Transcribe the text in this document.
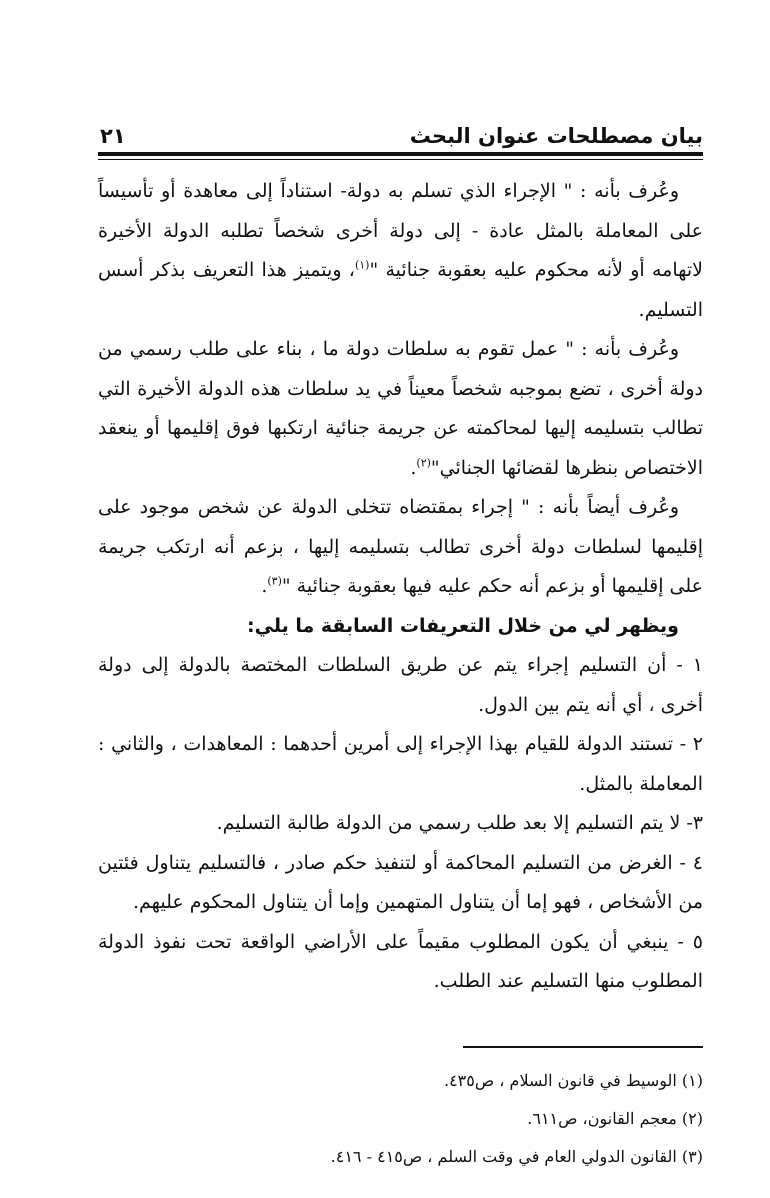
بيان مصطلحات عنوان البحث
٢١

وعُرف بأنه : " الإجراء الذي تسلم به دولة- استناداً إلى معاهدة أو تأسيساً على المعاملة بالمثل عادة - إلى دولة أخرى شخصاً تطلبه الدولة الأخيرة لاتهامه أو لأنه محكوم عليه بعقوبة جنائية "$^{(١)}$، ويتميز هذا التعريف بذكر أسس التسليم.

وعُرف بأنه : " عمل تقوم به سلطات دولة ما ، بناء على طلب رسمي من دولة أخرى ، تضع بموجبه شخصاً معيناً في يد سلطات هذه الدولة الأخيرة التي تطالب بتسليمه إليها لمحاكمته عن جريمة جنائية ارتكبها فوق إقليمها أو ينعقد الاختصاص بنظرها لقضائها الجنائي"$^{(٢)}$.

وعُرف أيضاً بأنه : " إجراء بمقتضاه تتخلى الدولة عن شخص موجود على إقليمها لسلطات دولة أخرى تطالب بتسليمه إليها ، بزعم أنه ارتكب جريمة على إقليمها أو بزعم أنه حكم عليه فيها بعقوبة جنائية "$^{(٣)}$.

ويظهر لي من خلال التعريفات السابقة ما يلي:

١ - أن التسليم إجراء يتم عن طريق السلطات المختصة بالدولة إلى دولة أخرى ، أي أنه يتم بين الدول.

٢ - تستند الدولة للقيام بهذا الإجراء إلى أمرين أحدهما : المعاهدات ، والثاني : المعاملة بالمثل.

٣- لا يتم التسليم إلا بعد طلب رسمي من الدولة طالبة التسليم.

٤ - الغرض من التسليم المحاكمة أو لتنفيذ حكم صادر ، فالتسليم يتناول فئتين من الأشخاص ، فهو إما أن يتناول المتهمين وإما أن يتناول المحكوم عليهم.

٥ - ينبغي أن يكون المطلوب مقيماً على الأراضي الواقعة تحت نفوذ الدولة المطلوب منها التسليم عند الطلب.

(١) الوسيط في قانون السلام ، ص٤٣٥.

(٢) معجم القانون، ص٦١١.

(٣) القانون الدولي العام في وقت السلم ، ص٤١٥ - ٤١٦.
